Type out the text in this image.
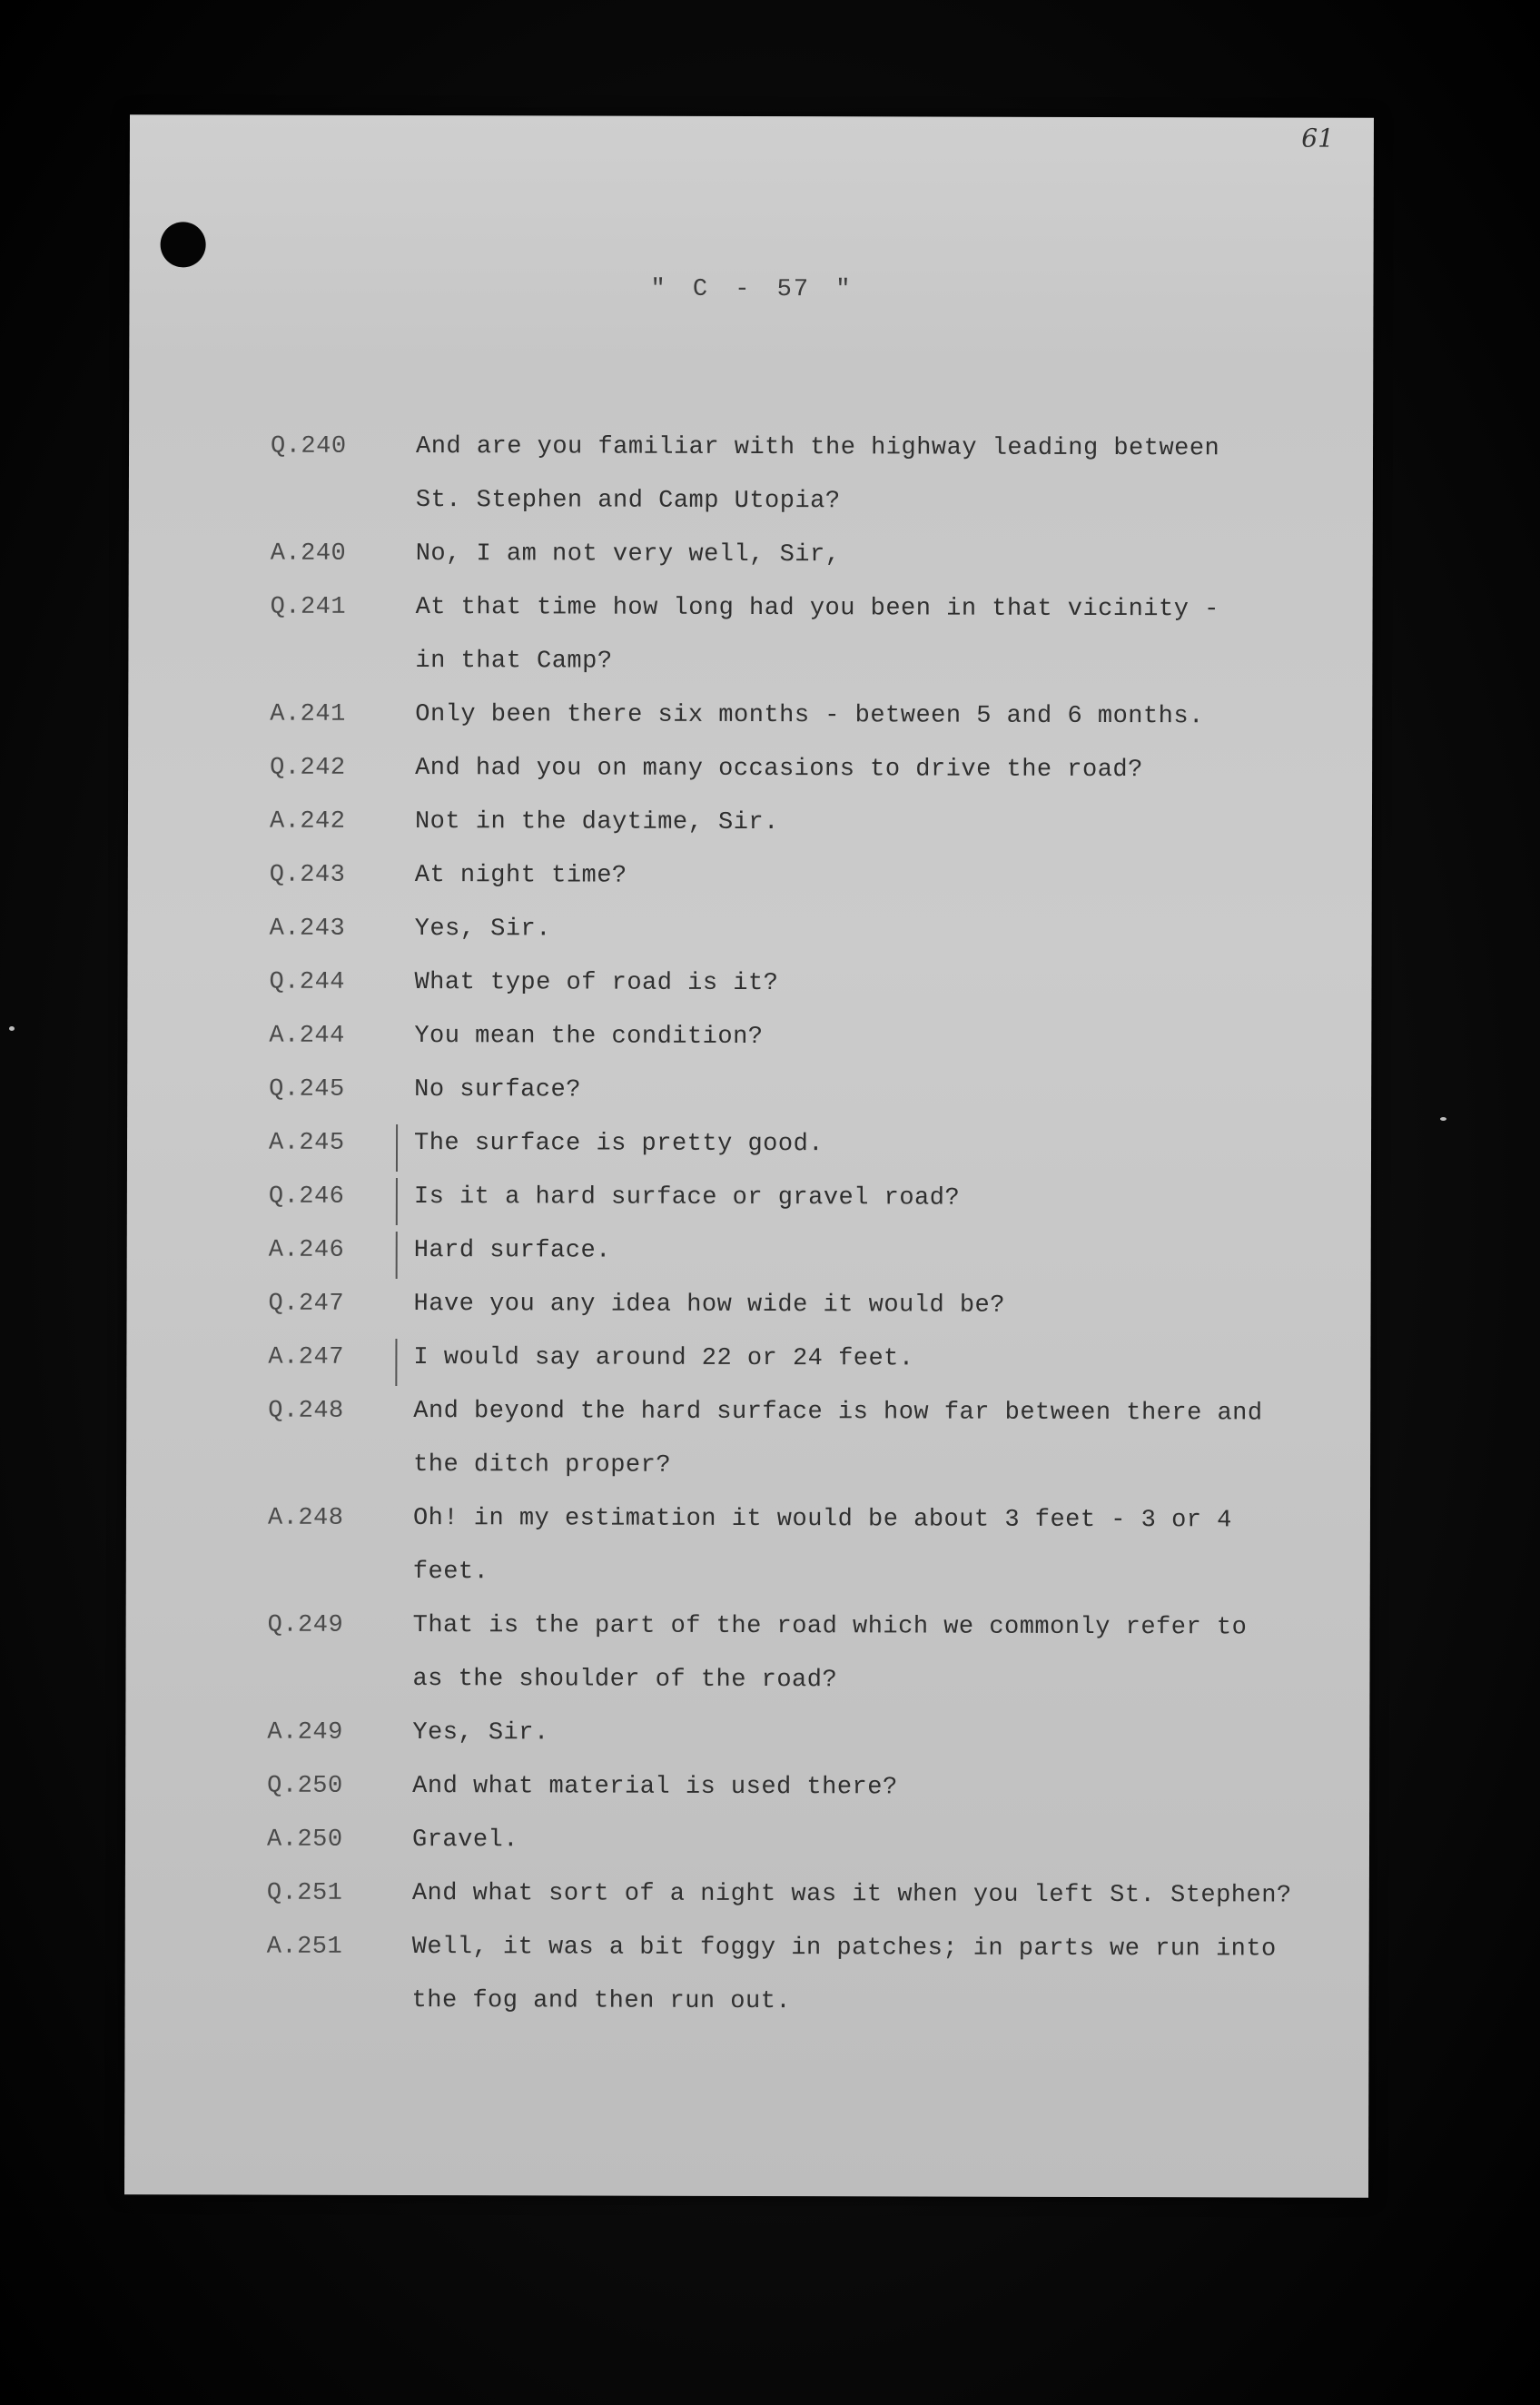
61
" C - 57 "
Q.240	And are you familiar with the highway leading between
St. Stephen and Camp Utopia?
A.240	No, I am not very well, Sir,
Q.241	At that time how long had you been in that vicinity -
in that Camp?
A.241	Only been there six months - between 5 and 6 months.
Q.242	And had you on many occasions to drive the road?
A.242	Not in the daytime, Sir.
Q.243	At night time?
A.243	Yes, Sir.
Q.244	What type of road is it?
A.244	You mean the condition?
Q.245	No surface?
A.245	The surface is pretty good.
Q.246	Is it a hard surface or gravel road?
A.246	Hard surface.
Q.247	Have you any idea how wide it would be?
A.247	I would say around 22 or 24 feet.
Q.248	And beyond the hard surface is how far between there and
the ditch proper?
A.248	Oh! in my estimation it would be about 3 feet - 3 or 4
feet.
Q.249	That is the part of the road which we commonly refer to
as the shoulder of the road?
A.249	Yes, Sir.
Q.250	And what material is used there?
A.250	Gravel.
Q.251	And what sort of a night was it when you left St. Stephen?
A.251	Well, it was a bit foggy in patches; in parts we run into
the fog and then run out.
